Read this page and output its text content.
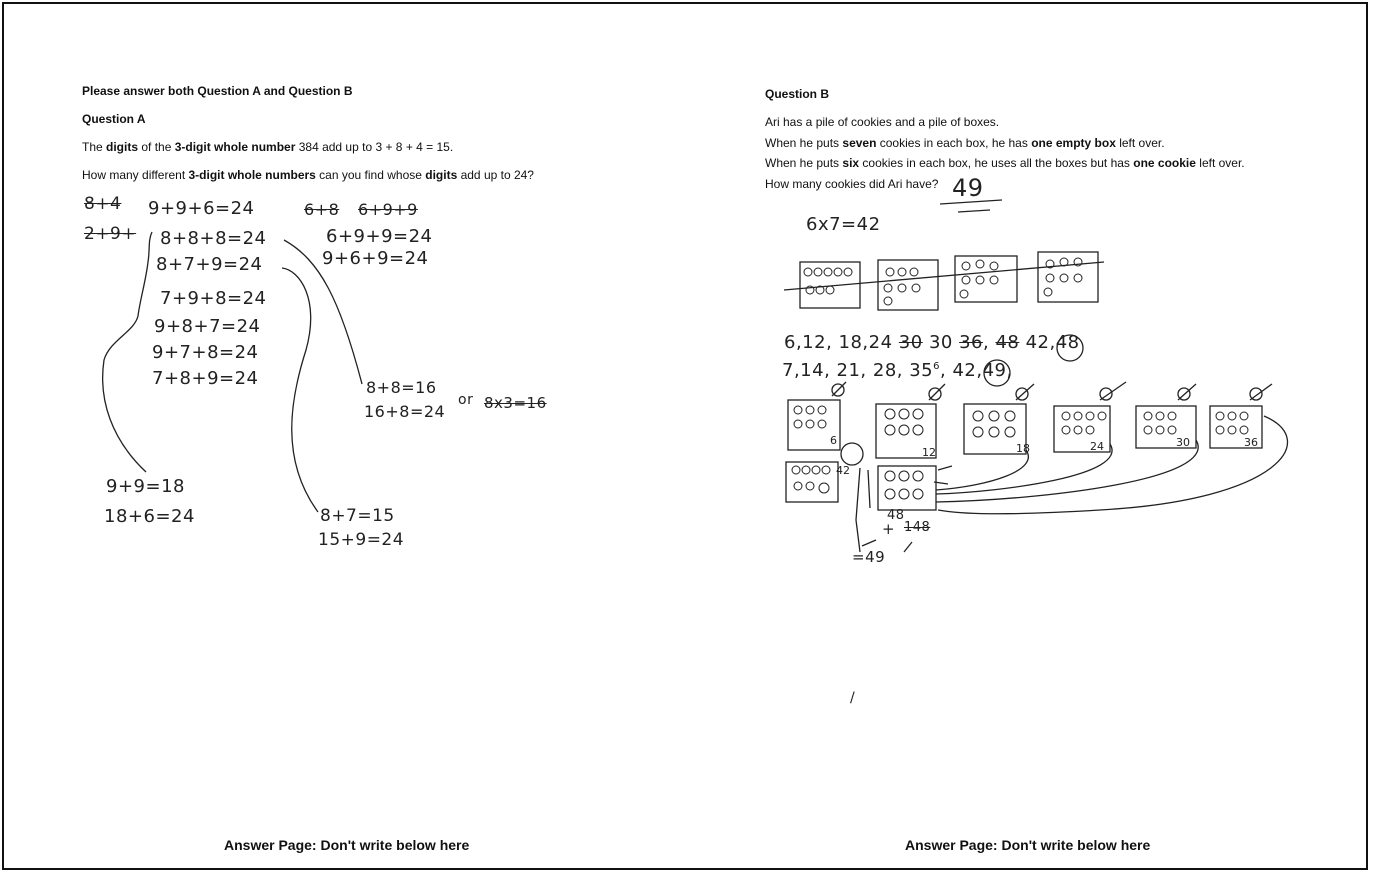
Please answer both Question A and Question B
Question A
The digits of the 3-digit whole number 384 add up to 3 + 8 + 4 = 15.
How many different 3-digit whole numbers can you find whose digits add up to 24?
8+4
2+9+
9+9+6=24
8+8+8=24
8+7+9=24
7+9+8=24
9+8+7=24
9+7+8=24
7+8+9=24
6+8 6+9+9
6+9+9=24
9+6+9=24
8+8=16
16+8=24
or 8x3=16
9+9=18
18+6=24	8+7=15
15+9=24
Answer Page: Don't write below here
Question B
Ari has a pile of cookies and a pile of boxes.
When he puts seven cookies in each box, he has one empty box left over.
When he puts six cookies in each box, he uses all the boxes but has one cookie left over.
How many cookies did Ari have? 49
6x7=42
6,12, 18,24 30 30 36, 48 42,48
7,14, 21, 28, $35^6$, 42,49,
48
+ 148
=49
/
6
12	18	24	30	36
42
Answer Page: Don't write below here
